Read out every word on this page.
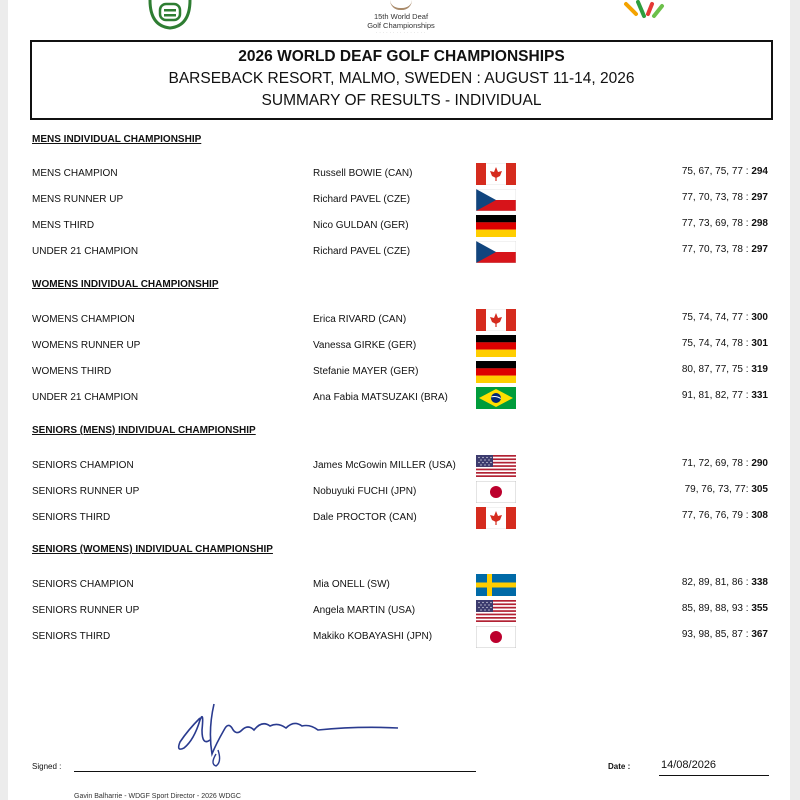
15th World Deaf
Golf Championships
· · · · · · · · · · · · · · ·
2026 WORLD DEAF GOLF CHAMPIONSHIPS
BARSEBACK RESORT, MALMO, SWEDEN : AUGUST 11-14, 2026
SUMMARY OF RESULTS - INDIVIDUAL
MENS INDIVIDUAL CHAMPIONSHIP
MENS CHAMPION	Russell BOWIE (CAN)	75, 67, 75, 77 : 294
MENS RUNNER UP	Richard PAVEL (CZE)	77, 70, 73, 78 : 297
MENS THIRD	Nico GULDAN (GER)	77, 73, 69, 78 : 298
UNDER 21 CHAMPION	Richard PAVEL (CZE)	77, 70, 73, 78 : 297
WOMENS INDIVIDUAL CHAMPIONSHIP
WOMENS CHAMPION	Erica RIVARD (CAN)	75, 74, 74, 77 : 300
WOMENS RUNNER UP	Vanessa GIRKE (GER)	75, 74, 74, 78 : 301
WOMENS THIRD	Stefanie MAYER (GER)	80, 87, 77, 75 : 319
UNDER 21 CHAMPION	Ana Fabia MATSUZAKI (BRA)	91, 81, 82, 77 : 331
SENIORS (MENS) INDIVIDUAL CHAMPIONSHIP
SENIORS CHAMPION	James McGowin MILLER (USA)	71, 72, 69, 78 : 290
SENIORS RUNNER UP	Nobuyuki FUCHI (JPN)	79, 76, 73, 77: 305
SENIORS THIRD	Dale PROCTOR (CAN)	77, 76, 76, 79 : 308
SENIORS (WOMENS) INDIVIDUAL CHAMPIONSHIP
SENIORS CHAMPION	Mia ONELL (SW)	82, 89, 81, 86 : 338
SENIORS RUNNER UP	Angela MARTIN (USA)	85, 89, 88, 93 : 355
SENIORS THIRD	Makiko KOBAYASHI (JPN)	93, 98, 85, 87 : 367
Signed :	Date :	14/08/2026
Gavin Balharrie - WDGF Sport Director - 2026 WDGC
